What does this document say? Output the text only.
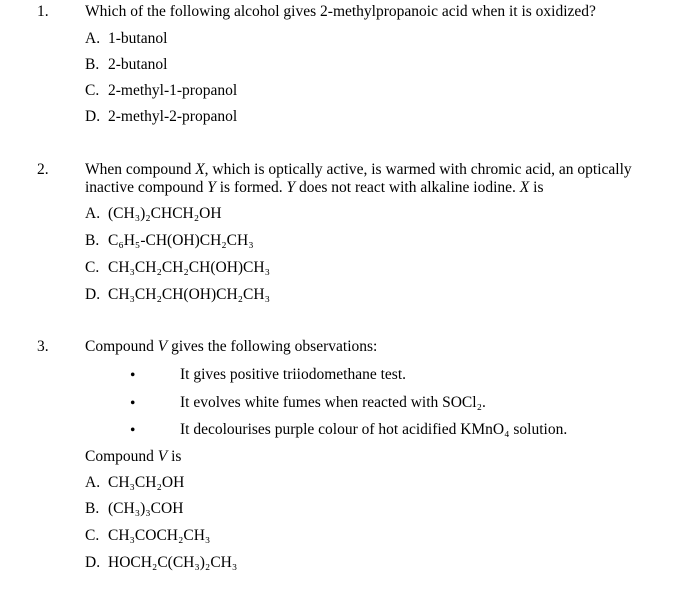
1. Which of the following alcohol gives 2-methylpropanoic acid when it is oxidized?
A. 1-butanol
B. 2-butanol
C. 2-methyl-1-propanol
D. 2-methyl-2-propanol
2. When compound X, which is optically active, is warmed with chromic acid, an optically inactive compound Y is formed. Y does not react with alkaline iodine. X is
A. (CH₃)₂CHCH₂OH
B. C₆H₅-CH(OH)CH₂CH₃
C. CH₃CH₂CH₂CH(OH)CH₃
D. CH₃CH₂CH(OH)CH₂CH₃
3. Compound V gives the following observations:
•	It gives positive triiodomethane test.
•	It evolves white fumes when reacted with SOCl₂.
•	It decolourises purple colour of hot acidified KMnO₄ solution.
Compound V is
A. CH₃CH₂OH
B. (CH₃)₃COH
C. CH₃COCH₂CH₃
D. HOCH₂C(CH₃)₂CH₃
